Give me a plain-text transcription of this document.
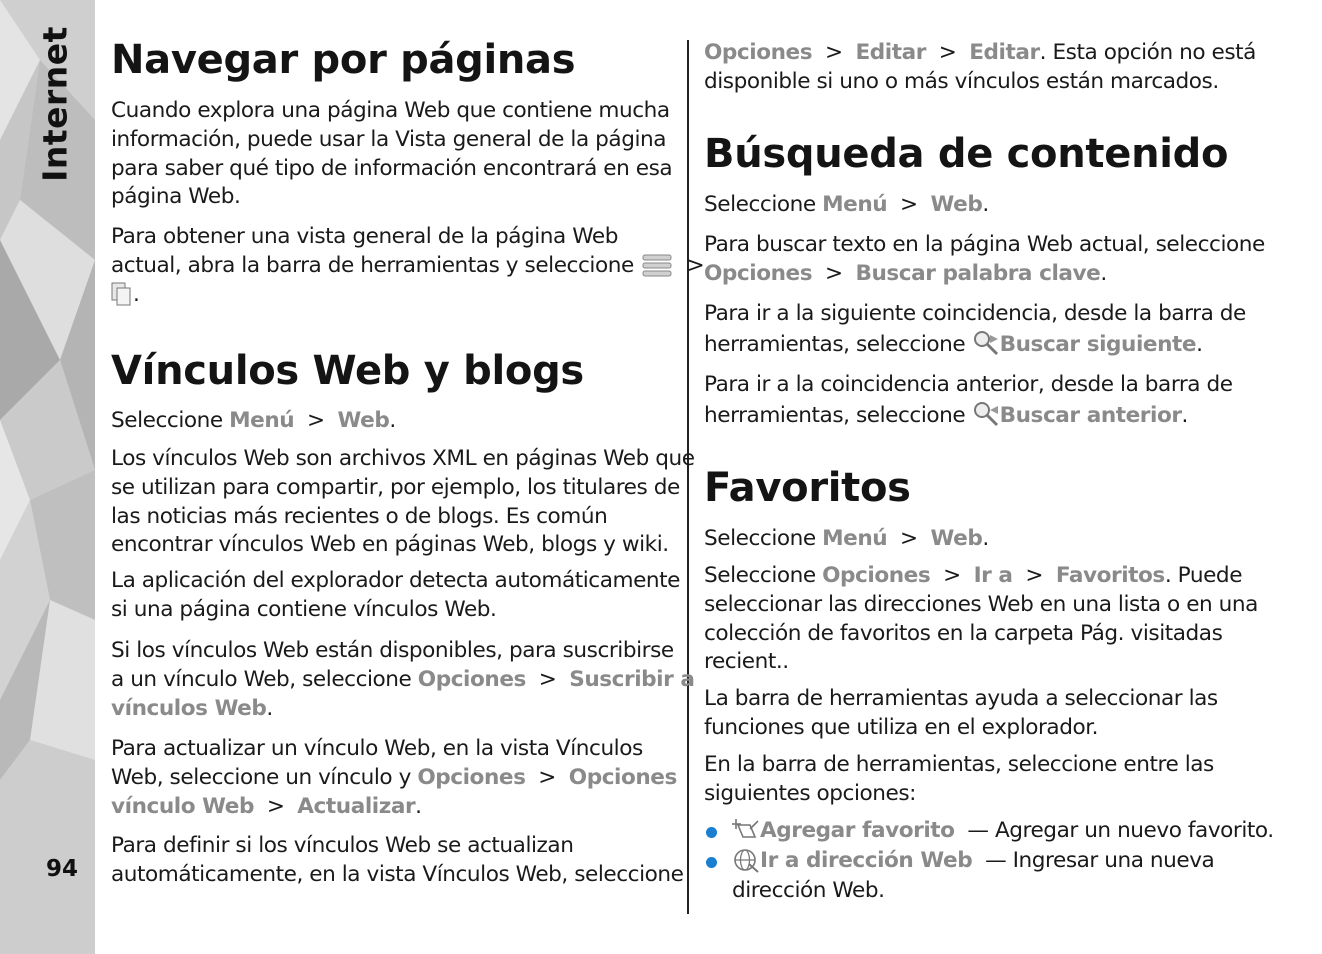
Internet
94
Navegar por páginas

Cuando explora una página Web que contiene mucha

información, puede usar la Vista general de la página

para saber qué tipo de información encontrará en esa

página Web.

Para obtener una vista general de la página Web

actual, abra la barra de herramientas y seleccione >

.

Vínculos Web y blogs

Seleccione Menú > Web.

Los vínculos Web son archivos XML en páginas Web que

se utilizan para compartir, por ejemplo, los titulares de

las noticias más recientes o de blogs. Es común

encontrar vínculos Web en páginas Web, blogs y wiki.

La aplicación del explorador detecta automáticamente

si una página contiene vínculos Web.

Si los vínculos Web están disponibles, para suscribirse

a un vínculo Web, seleccione Opciones > Suscribir a

vínculos Web.

Para actualizar un vínculo Web, en la vista Vínculos

Web, seleccione un vínculo y Opciones > Opciones

vínculo Web > Actualizar.

Para definir si los vínculos Web se actualizan

automáticamente, en la vista Vínculos Web, seleccione

Opciones > Editar > Editar. Esta opción no está

disponible si uno o más vínculos están marcados.

Búsqueda de contenido

Seleccione Menú > Web.

Para buscar texto en la página Web actual, seleccione

Opciones > Buscar palabra clave.

Para ir a la siguiente coincidencia, desde la barra de

herramientas, seleccione Buscar siguiente.

Para ir a la coincidencia anterior, desde la barra de

herramientas, seleccione Buscar anterior.

Favoritos

Seleccione Menú > Web.

Seleccione Opciones > Ir a > Favoritos. Puede

seleccionar las direcciones Web en una lista o en una

colección de favoritos en la carpeta Pág. visitadas

recient..

La barra de herramientas ayuda a seleccionar las

funciones que utiliza en el explorador.

En la barra de herramientas, seleccione entre las

siguientes opciones:

Agregar favorito  — Agregar un nuevo favorito.
Ir a dirección Web  — Ingresar una nueva
dirección Web.
